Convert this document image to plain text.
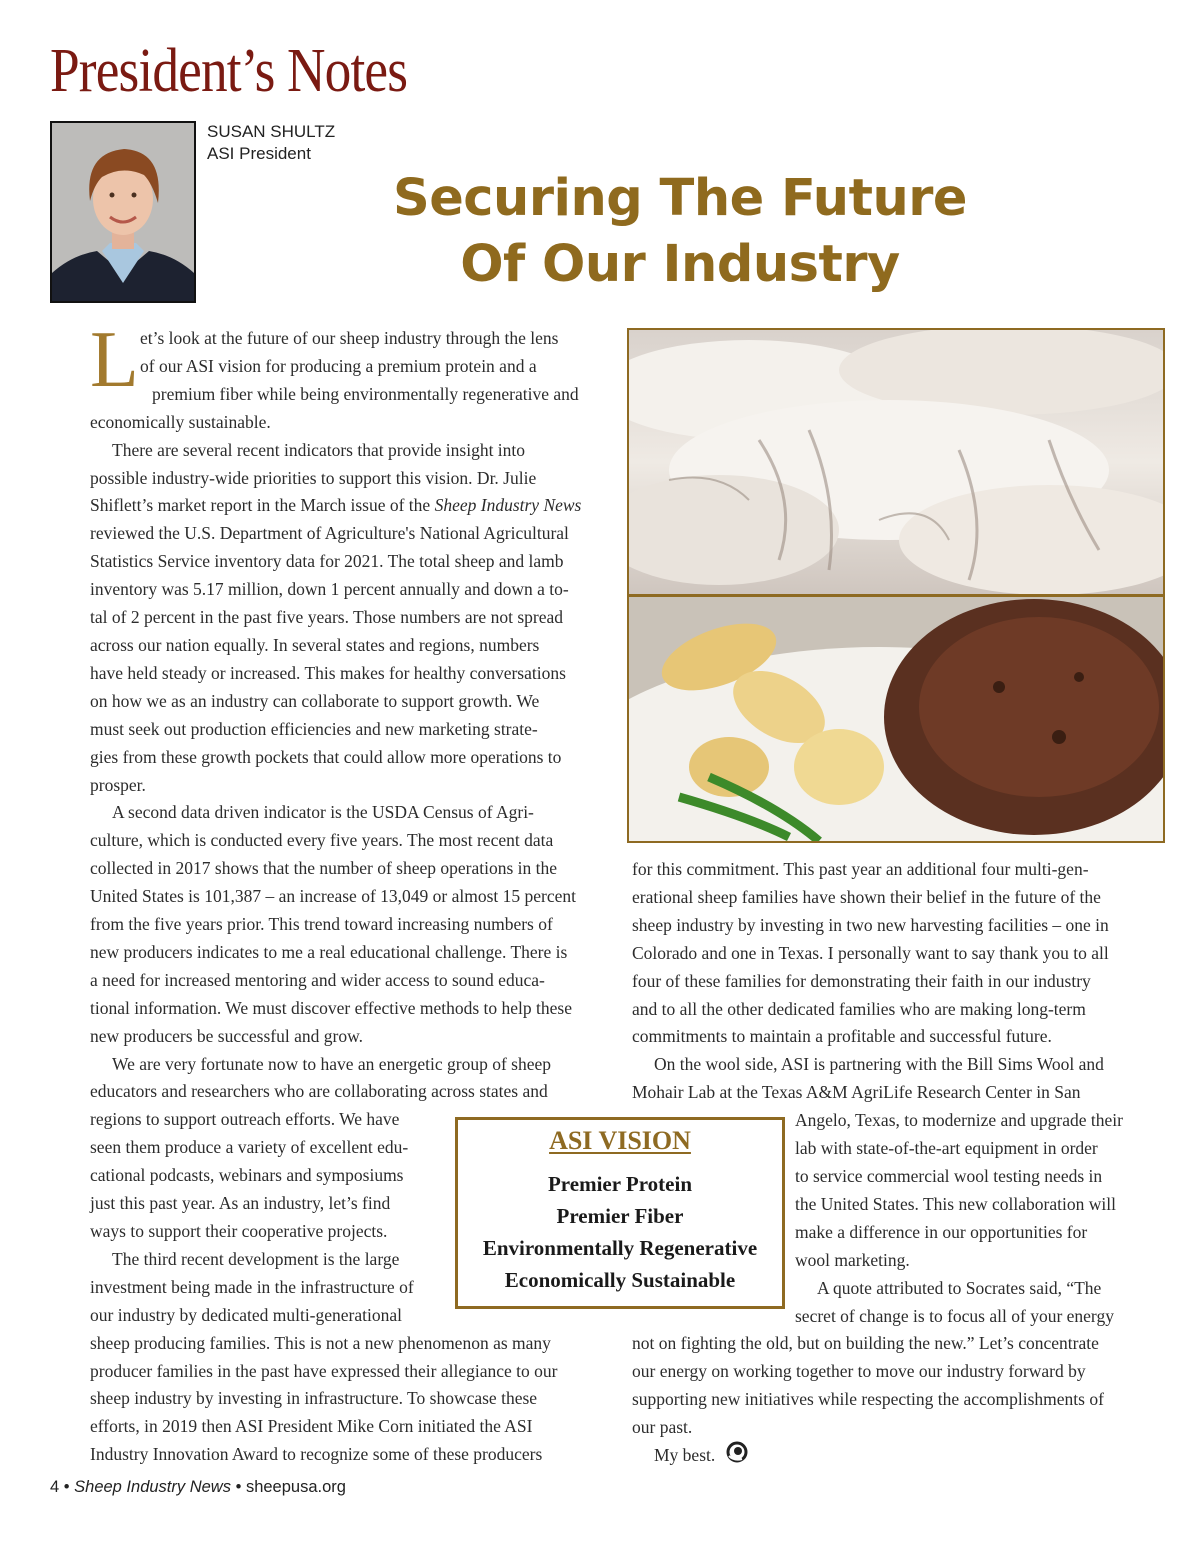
President’s Notes
SUSAN SHULTZ
ASI President
Securing The Future
Of Our Industry
L et’s look at the future of our sheep industry through the lens
of our ASI vision for producing a premium protein and a
premium fiber while being environmentally regenerative and
economically sustainable.

There are several recent indicators that provide insight into
possible industry-wide priorities to support this vision. Dr. Julie
Shiflett’s market report in the March issue of the Sheep Industry News
reviewed the U.S. Department of Agriculture's National Agricultural
Statistics Service inventory data for 2021. The total sheep and lamb
inventory was 5.17 million, down 1 percent annually and down a to-
tal of 2 percent in the past five years. Those numbers are not spread
across our nation equally. In several states and regions, numbers
have held steady or increased. This makes for healthy conversations
on how we as an industry can collaborate to support growth. We
must seek out production efficiencies and new marketing strate-
gies from these growth pockets that could allow more operations to
prosper.

A second data driven indicator is the USDA Census of Agri-
culture, which is conducted every five years. The most recent data
collected in 2017 shows that the number of sheep operations in the
United States is 101,387 – an increase of 13,049 or almost 15 percent
from the five years prior. This trend toward increasing numbers of
new producers indicates to me a real educational challenge. There is
a need for increased mentoring and wider access to sound educa-
tional information. We must discover effective methods to help these
new producers be successful and grow.

We are very fortunate now to have an energetic group of sheep
educators and researchers who are collaborating across states and
regions to support outreach efforts. We have
seen them produce a variety of excellent edu-
cational podcasts, webinars and symposiums
just this past year. As an industry, let’s find
ways to support their cooperative projects.

The third recent development is the large
investment being made in the infrastructure of
our industry by dedicated multi-generational
sheep producing families. This is not a new phenomenon as many
producer families in the past have expressed their allegiance to our
sheep industry by investing in infrastructure. To showcase these
efforts, in 2019 then ASI President Mike Corn initiated the ASI
Industry Innovation Award to recognize some of these producers

for this commitment. This past year an additional four multi-gen-
erational sheep families have shown their belief in the future of the
sheep industry by investing in two new harvesting facilities – one in
Colorado and one in Texas. I personally want to say thank you to all
four of these families for demonstrating their faith in our industry
and to all the other dedicated families who are making long-term
commitments to maintain a profitable and successful future.

On the wool side, ASI is partnering with the Bill Sims Wool and
Mohair Lab at the Texas A&M AgriLife Research Center in San
Angelo, Texas, to modernize and upgrade their
lab with state-of-the-art equipment in order
to service commercial wool testing needs in
the United States. This new collaboration will
make a difference in our opportunities for
wool marketing.

A quote attributed to Socrates said, “The
secret of change is to focus all of your energy
not on fighting the old, but on building the new.” Let’s concentrate
our energy on working together to move our industry forward by
supporting new initiatives while respecting the accomplishments of
our past.

My best.

ASI VISION
Premier Protein
Premier Fiber
Environmentally Regenerative
Economically Sustainable
4 • Sheep Industry News • sheepusa.org
